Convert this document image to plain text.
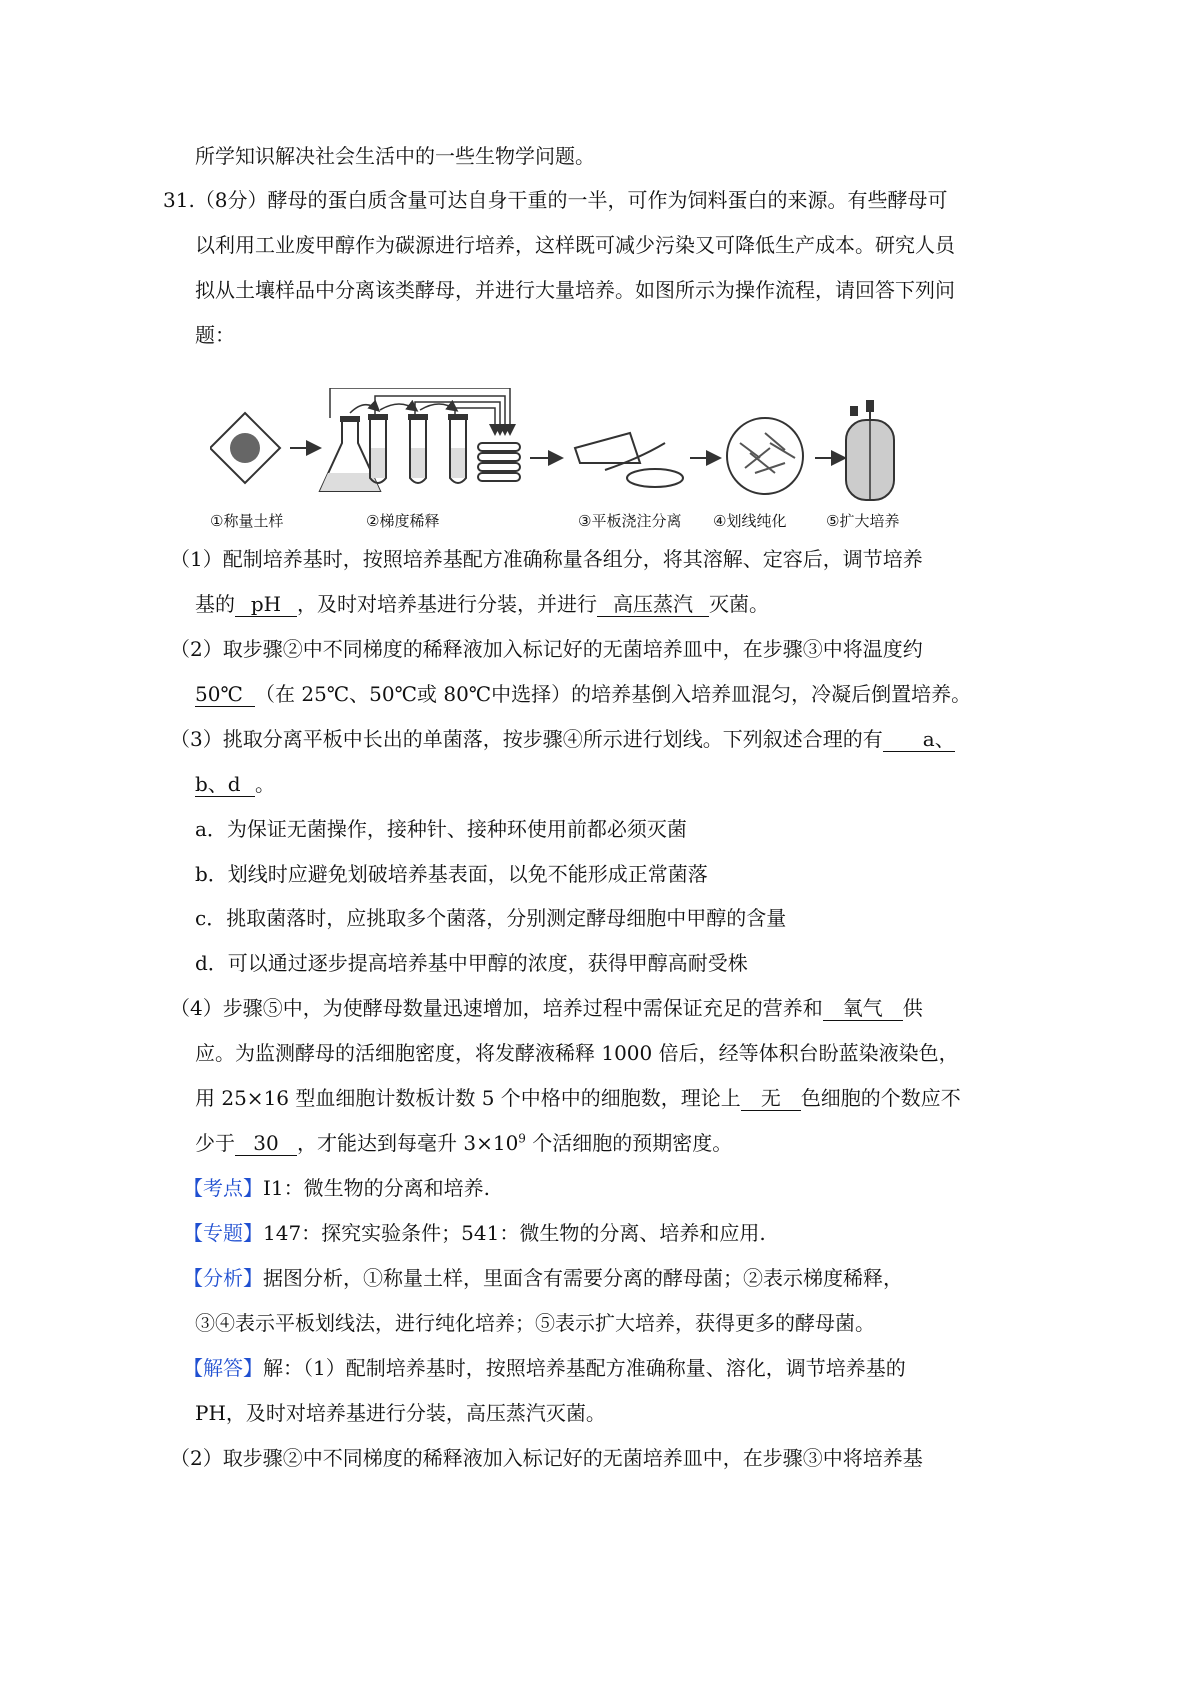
所学知识解决社会生活中的一些生物学问题。
31.（8分）酵母的蛋白质含量可达自身干重的一半，可作为饲料蛋白的来源。有些酵母可
以利用工业废甲醇作为碳源进行培养，这样既可减少污染又可降低生产成本。研究人员
拟从土壤样品中分离该类酵母，并进行大量培养。如图所示为操作流程，请回答下列问
题：
①称量土样	②梯度稀释	③平板浇注分离 ④划线纯化	⑤扩大培养
（1）配制培养基时，按照培养基配方准确称量各组分，将其溶解、定容后，调节培养
基的 pH ，及时对培养基进行分装，并进行 高压蒸汽 灭菌。
（2）取步骤②中不同梯度的稀释液加入标记好的无菌培养皿中，在步骤③中将温度约
50℃ （在 25℃、50℃或 80℃中选择）的培养基倒入培养皿混匀，冷凝后倒置培养。
（3）挑取分离平板中长出的单菌落，按步骤④所示进行划线。下列叙述合理的有 a、
b、d 。
a．为保证无菌操作，接种针、接种环使用前都必须灭菌
b．划线时应避免划破培养基表面，以免不能形成正常菌落
c．挑取菌落时，应挑取多个菌落，分别测定酵母细胞中甲醇的含量
d．可以通过逐步提高培养基中甲醇的浓度，获得甲醇高耐受株
（4）步骤⑤中，为使酵母数量迅速增加，培养过程中需保证充足的营养和 氧气 供
应。为监测酵母的活细胞密度，将发酵液稀释 1000 倍后，经等体积台盼蓝染液染色，
用 25×16 型血细胞计数板计数 5 个中格中的细胞数，理论上 无 色细胞的个数应不
少于 30 ，才能达到每毫升 $3\times 10^9$ 个活细胞的预期密度。
【考点】I1：微生物的分离和培养.
【专题】147：探究实验条件；541：微生物的分离、培养和应用.
【分析】据图分析，①称量土样，里面含有需要分离的酵母菌；②表示梯度稀释，
③④表示平板划线法，进行纯化培养；⑤表示扩大培养，获得更多的酵母菌。
【解答】解：（1）配制培养基时，按照培养基配方准确称量、溶化，调节培养基的
PH，及时对培养基进行分装，高压蒸汽灭菌。
（2）取步骤②中不同梯度的稀释液加入标记好的无菌培养皿中，在步骤③中将培养基
